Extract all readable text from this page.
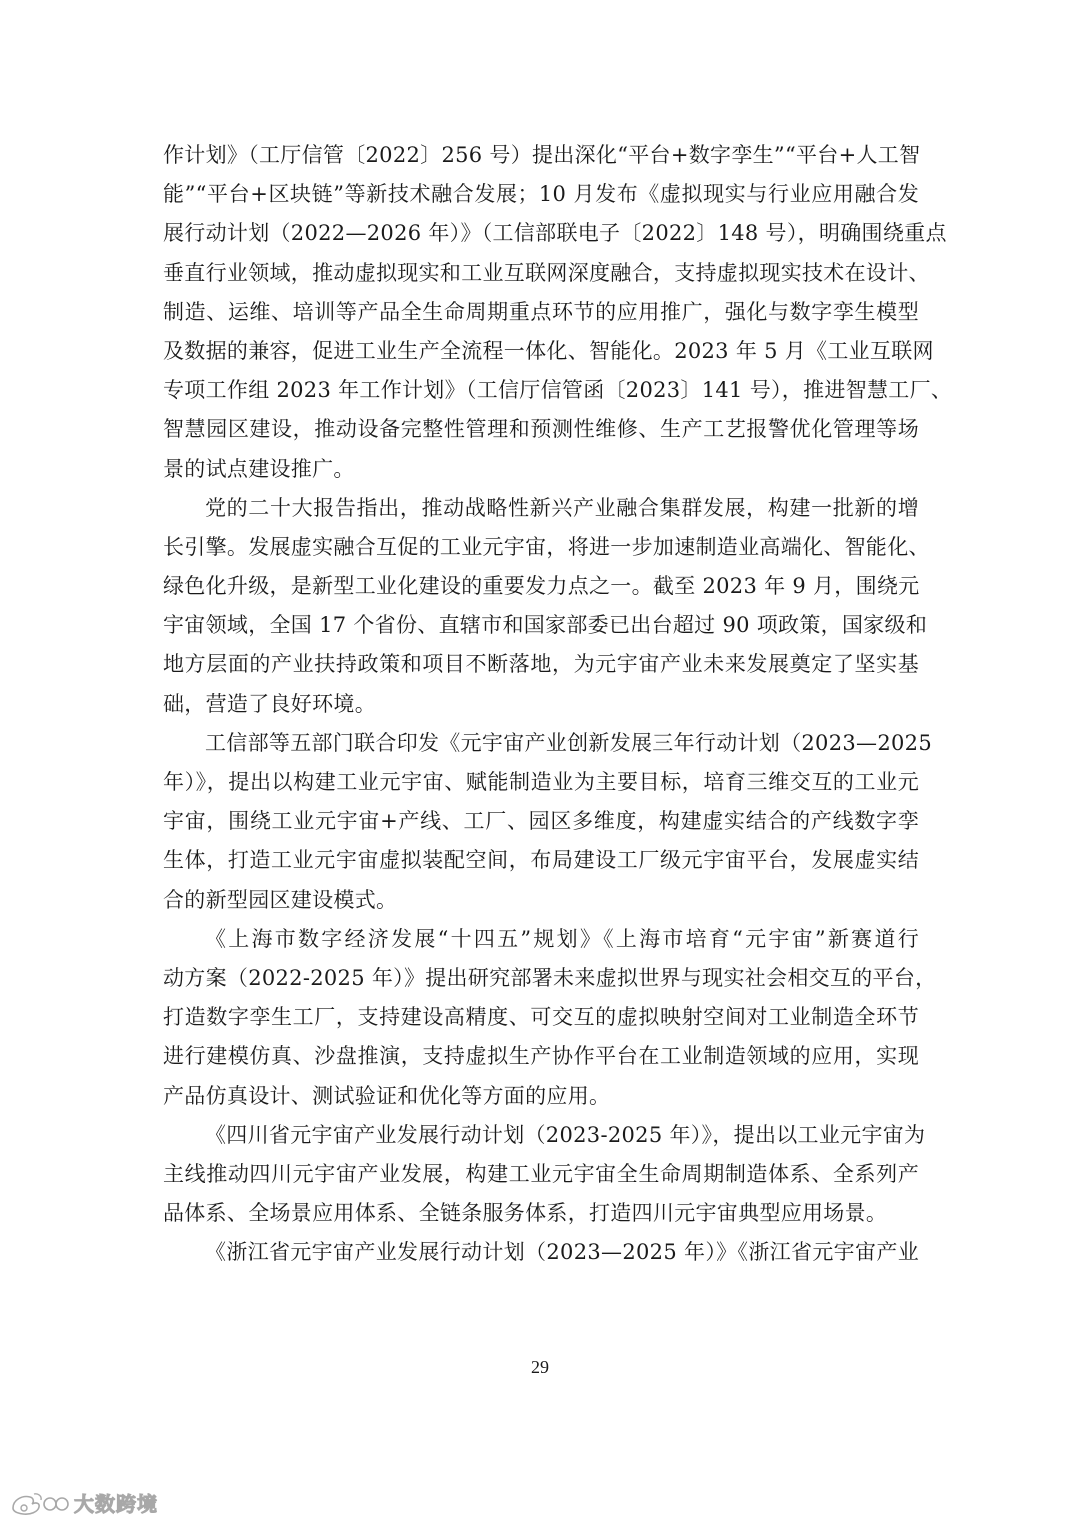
作计划》（工厅信管〔2022〕256 号）提出深化“平台+数字孪生”“平台+人工智
能”“平台+区块链”等新技术融合发展；10 月发布《虚拟现实与行业应用融合发
展行动计划（2022—2026 年）》（工信部联电子〔2022〕148 号），明确围绕重点
垂直行业领域，推动虚拟现实和工业互联网深度融合，支持虚拟现实技术在设计、
制造、运维、培训等产品全生命周期重点环节的应用推广，强化与数字孪生模型
及数据的兼容，促进工业生产全流程一体化、智能化。2023 年 5 月《工业互联网
专项工作组 2023 年工作计划》（工信厅信管函〔2023〕141 号），推进智慧工厂、
智慧园区建设，推动设备完整性管理和预测性维修、生产工艺报警优化管理等场
景的试点建设推广。
党的二十大报告指出，推动战略性新兴产业融合集群发展，构建一批新的增
长引擎。发展虚实融合互促的工业元宇宙，将进一步加速制造业高端化、智能化、
绿色化升级，是新型工业化建设的重要发力点之一。截至 2023 年 9 月，围绕元
宇宙领域，全国 17 个省份、直辖市和国家部委已出台超过 90 项政策，国家级和
地方层面的产业扶持政策和项目不断落地，为元宇宙产业未来发展奠定了坚实基
础，营造了良好环境。
工信部等五部门联合印发《元宇宙产业创新发展三年行动计划（2023—2025
年）》，提出以构建工业元宇宙、赋能制造业为主要目标，培育三维交互的工业元
宇宙，围绕工业元宇宙+产线、工厂、园区多维度，构建虚实结合的产线数字孪
生体，打造工业元宇宙虚拟装配空间，布局建设工厂级元宇宙平台，发展虚实结
合的新型园区建设模式。
《上海市数字经济发展“十四五”规划》《上海市培育“元宇宙”新赛道行
动方案（2022-2025 年）》提出研究部署未来虚拟世界与现实社会相交互的平台，
打造数字孪生工厂，支持建设高精度、可交互的虚拟映射空间对工业制造全环节
进行建模仿真、沙盘推演，支持虚拟生产协作平台在工业制造领域的应用，实现
产品仿真设计、测试验证和优化等方面的应用。
《四川省元宇宙产业发展行动计划（2023-2025 年）》，提出以工业元宇宙为
主线推动四川元宇宙产业发展，构建工业元宇宙全生命周期制造体系、全系列产
品体系、全场景应用体系、全链条服务体系，打造四川元宇宙典型应用场景。
《浙江省元宇宙产业发展行动计划（2023—2025 年）》《浙江省元宇宙产业
29
大数跨境
